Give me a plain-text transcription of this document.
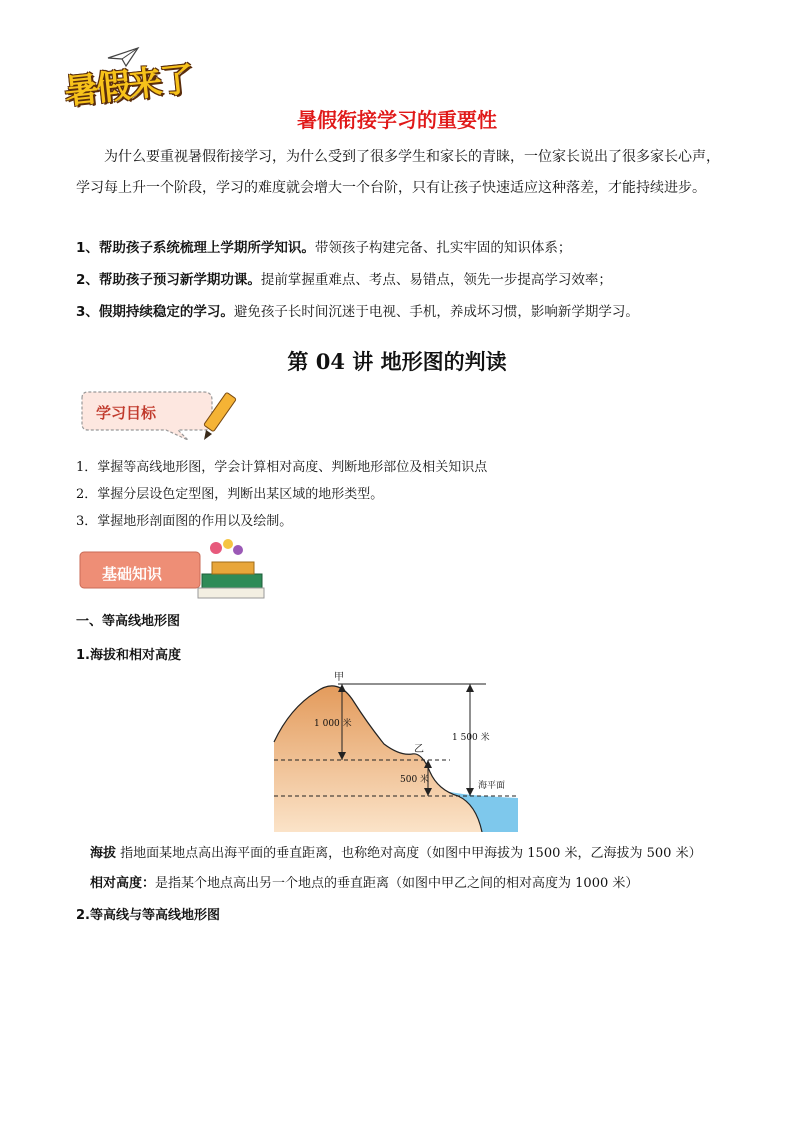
暑假来了
暑假衔接学习的重要性
为什么要重视暑假衔接学习，为什么受到了很多学生和家长的青睐，一位家长说出了很多家长心声，学习每上升一个阶段，学习的难度就会增大一个台阶，只有让孩子快速适应这种落差，才能持续进步。
1、帮助孩子系统梳理上学期所学知识。带领孩子构建完备、扎实牢固的知识体系；
2、帮助孩子预习新学期功课。提前掌握重难点、考点、易错点，领先一步提高学习效率；
3、假期持续稳定的学习。避免孩子长时间沉迷于电视、手机，养成坏习惯，影响新学期学习。
第 04 讲 地形图的判读
学习目标
1．掌握等高线地形图，学会计算相对高度、判断地形部位及相关知识点
2．掌握分层设色定型图，判断出某区域的地形类型。
3．掌握地形剖面图的作用以及绘制。
基础知识
一、等高线地形图
1.海拔和相对高度
甲
乙
1 000 米
1 500 米
500 米
海平面
海拔 指地面某地点高出海平面的垂直距离，也称绝对高度（如图中甲海拔为 1500 米，乙海拔为 500 米）
相对高度：是指某个地点高出另一个地点的垂直距离（如图中甲乙之间的相对高度为 1000 米）
2.等高线与等高线地形图
